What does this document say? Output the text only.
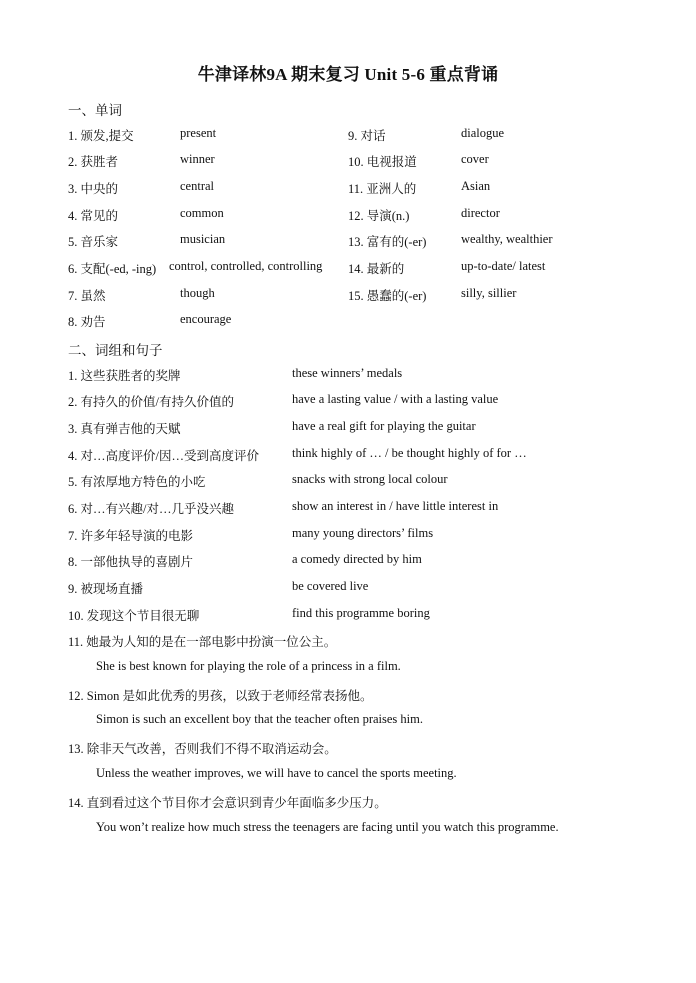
牛津译林9A 期末复习 Unit 5-6 重点背诵
一、单词
1. 颁发,提交	present	9. 对话	dialogue
2. 获胜者	winner	10. 电视报道	cover
3. 中央的	central	11. 亚洲人的	Asian
4. 常见的	common	12. 导演(n.)	director
5. 音乐家	musician	13. 富有的(-er)	wealthy, wealthier
6. 支配(-ed, -ing) control, controlled, controlling 14. 最新的	up-to-date/ latest
7. 虽然	though	15. 愚蠢的(-er)	silly, sillier
8. 劝告	encourage
二、词组和句子
1. 这些获胜者的奖牌	these winners’ medals
2. 有持久的价值/有持久价值的	have a lasting value / with a lasting value
3. 真有弹吉他的天赋	have a real gift for playing the guitar
4. 对…高度评价/因…受到高度评价	think highly of … / be thought highly of for …
5. 有浓厚地方特色的小吃	snacks with strong local colour
6. 对…有兴趣/对…几乎没兴趣	show an interest in / have little interest in
7. 许多年轻导演的电影	many young directors’ films
8. 一部他执导的喜剧片	a comedy directed by him
9. 被现场直播	be covered live
10. 发现这个节目很无聊	find this programme boring
11. 她最为人知的是在一部电影中扮演一位公主。
She is best known for playing the role of a princess in a film.
12. Simon 是如此优秀的男孩，以致于老师经常表扬他。
Simon is such an excellent boy that the teacher often praises him.
13. 除非天气改善，否则我们不得不取消运动会。
Unless the weather improves, we will have to cancel the sports meeting.
14. 直到看过这个节目你才会意识到青少年面临多少压力。
You won’t realize how much stress the teenagers are facing until you watch this programme.
